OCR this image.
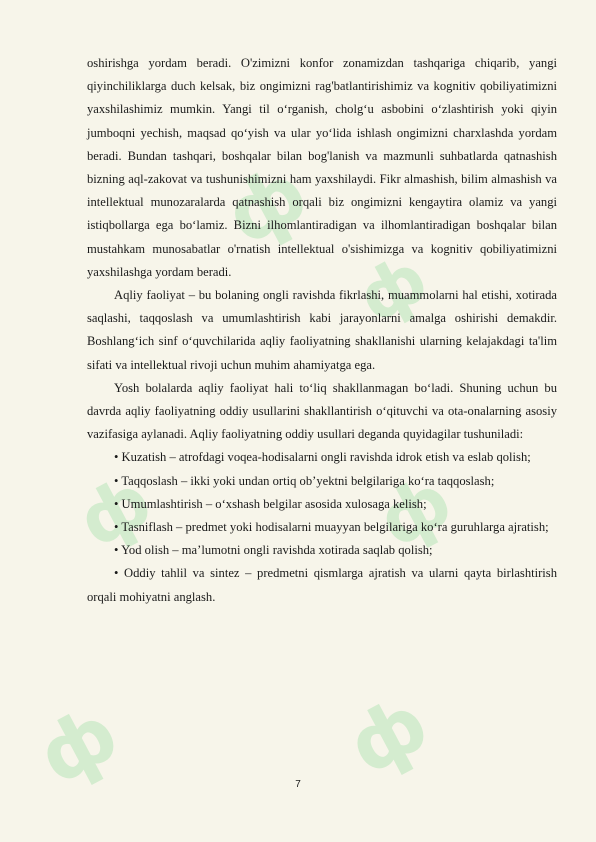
ф
ф
ф	ф
ф	ф

oshirishga yordam beradi. O'zimizni konfor zonamizdan tashqariga chiqarib, yangi qiyinchiliklarga duch kelsak, biz ongimizni rag'batlantirishimiz va kognitiv qobiliyatimizni yaxshilashimiz mumkin. Yangi til oʻrganish, cholgʻu asbobini oʻzlashtirish yoki qiyin jumboqni yechish, maqsad qoʻyish va ular yoʻlida ishlash ongimizni charxlashda yordam beradi. Bundan tashqari, boshqalar bilan bog'lanish va mazmunli suhbatlarda qatnashish bizning aql-zakovat va tushunishimizni ham yaxshilaydi. Fikr almashish, bilim almashish va intellektual munozaralarda qatnashish orqali biz ongimizni kengaytira olamiz va yangi istiqbollarga ega boʻlamiz. Bizni ilhomlantiradigan va ilhomlantiradigan boshqalar bilan mustahkam munosabatlar o'rnatish intellektual o'sishimizga va kognitiv qobiliyatimizni yaxshilashga yordam beradi.

Aqliy faoliyat – bu bolaning ongli ravishda fikrlashi, muammolarni hal etishi, xotirada saqlashi, taqqoslash va umumlashtirish kabi jarayonlarni amalga oshirishi demakdir. Boshlangʻich sinf oʻquvchilarida aqliy faoliyatning shakllanishi ularning kelajakdagi ta'lim sifati va intellektual rivoji uchun muhim ahamiyatga ega.

Yosh bolalarda aqliy faoliyat hali toʻliq shakllanmagan boʻladi. Shuning uchun bu davrda aqliy faoliyatning oddiy usullarini shakllantirish oʻqituvchi va ota-onalarning asosiy vazifasiga aylanadi. Aqliy faoliyatning oddiy usullari deganda quyidagilar tushuniladi:

• Kuzatish – atrofdagi voqea-hodisalarni ongli ravishda idrok etish va eslab qolish;

• Taqqoslash – ikki yoki undan ortiq ob’yektni belgilariga koʻra taqqoslash;

• Umumlashtirish – oʻxshash belgilar asosida xulosaga kelish;

• Tasniflash – predmet yoki hodisalarni muayyan belgilariga koʻra guruhlarga ajratish;

• Yod olish – ma’lumotni ongli ravishda xotirada saqlab qolish;

• Oddiy tahlil va sintez – predmetni qismlarga ajratish va ularni qayta birlashtirish orqali mohiyatni anglash.

7
